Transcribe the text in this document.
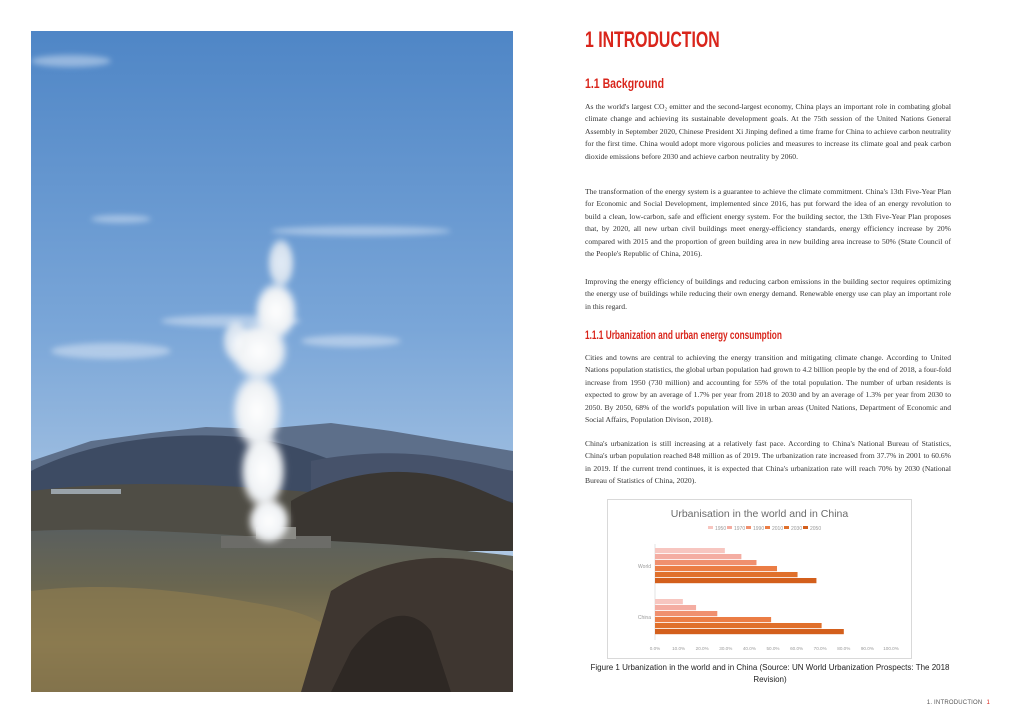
1 INTRODUCTION
1.1 Background

As the world's largest CO₂ emitter and the second-largest economy, China plays an important role in combating global climate change and achieving its sustainable development goals. At the 75th session of the United Nations General Assembly in September 2020, Chinese President Xi Jinping defined a time frame for China to achieve carbon neutrality for the first time. China would adopt more vigorous policies and measures to increase its climate goal and peak carbon dioxide emissions before 2030 and achieve carbon neutrality by 2060.

The transformation of the energy system is a guarantee to achieve the climate commitment. China's 13th Five-Year Plan for Economic and Social Development, implemented since 2016, has put forward the idea of an energy revolution to build a clean, low-carbon, safe and efficient energy system. For the building sector, the 13th Five-Year Plan proposes that, by 2020, all new urban civil buildings meet energy-efficiency standards, energy efficiency increase by 20% compared with 2015 and the proportion of green building area in new building area increase to 50% (State Council of the People's Republic of China, 2016).

Improving the energy efficiency of buildings and reducing carbon emissions in the building sector requires optimizing the energy use of buildings while reducing their own energy demand. Renewable energy use can play an important role in this regard.

1.1.1 Urbanization and urban energy consumption

Cities and towns are central to achieving the energy transition and mitigating climate change. According to United Nations population statistics, the global urban population had grown to 4.2 billion people by the end of 2018, a four-fold increase from 1950 (730 million) and accounting for 55% of the total population. The number of urban residents is expected to grow by an average of 1.7% per year from 2018 to 2030 and by an average of 1.3% per year from 2030 to 2050. By 2050, 68% of the world's population will live in urban areas (United Nations, Department of Economic and Social Affairs, Population Divison, 2018).

China's urbanization is still increasing at a relatively fast pace. According to China's National Bureau of Statistics, China's urban population reached 848 million as of 2019. The urbanization rate increased from 37.7% in 2001 to 60.6% in 2019. If the current trend continues, it is expected that China's urbanization rate will reach 70% by 2030 (National Bureau of Statistics of China, 2020).

Urbanisation in the world and in China
1950 1970 1990 2010 2030 2050
World
China
0.0%	10.0% 20.0% 30.0% 40.0% 50.0% 60.0% 70.0% 80.0% 90.0% 100.0%
Figure 1 Urbanization in the world and in China (Source: UN World Urbanization Prospects: The 2018 Revision)
1. INTRODUCTION 1
